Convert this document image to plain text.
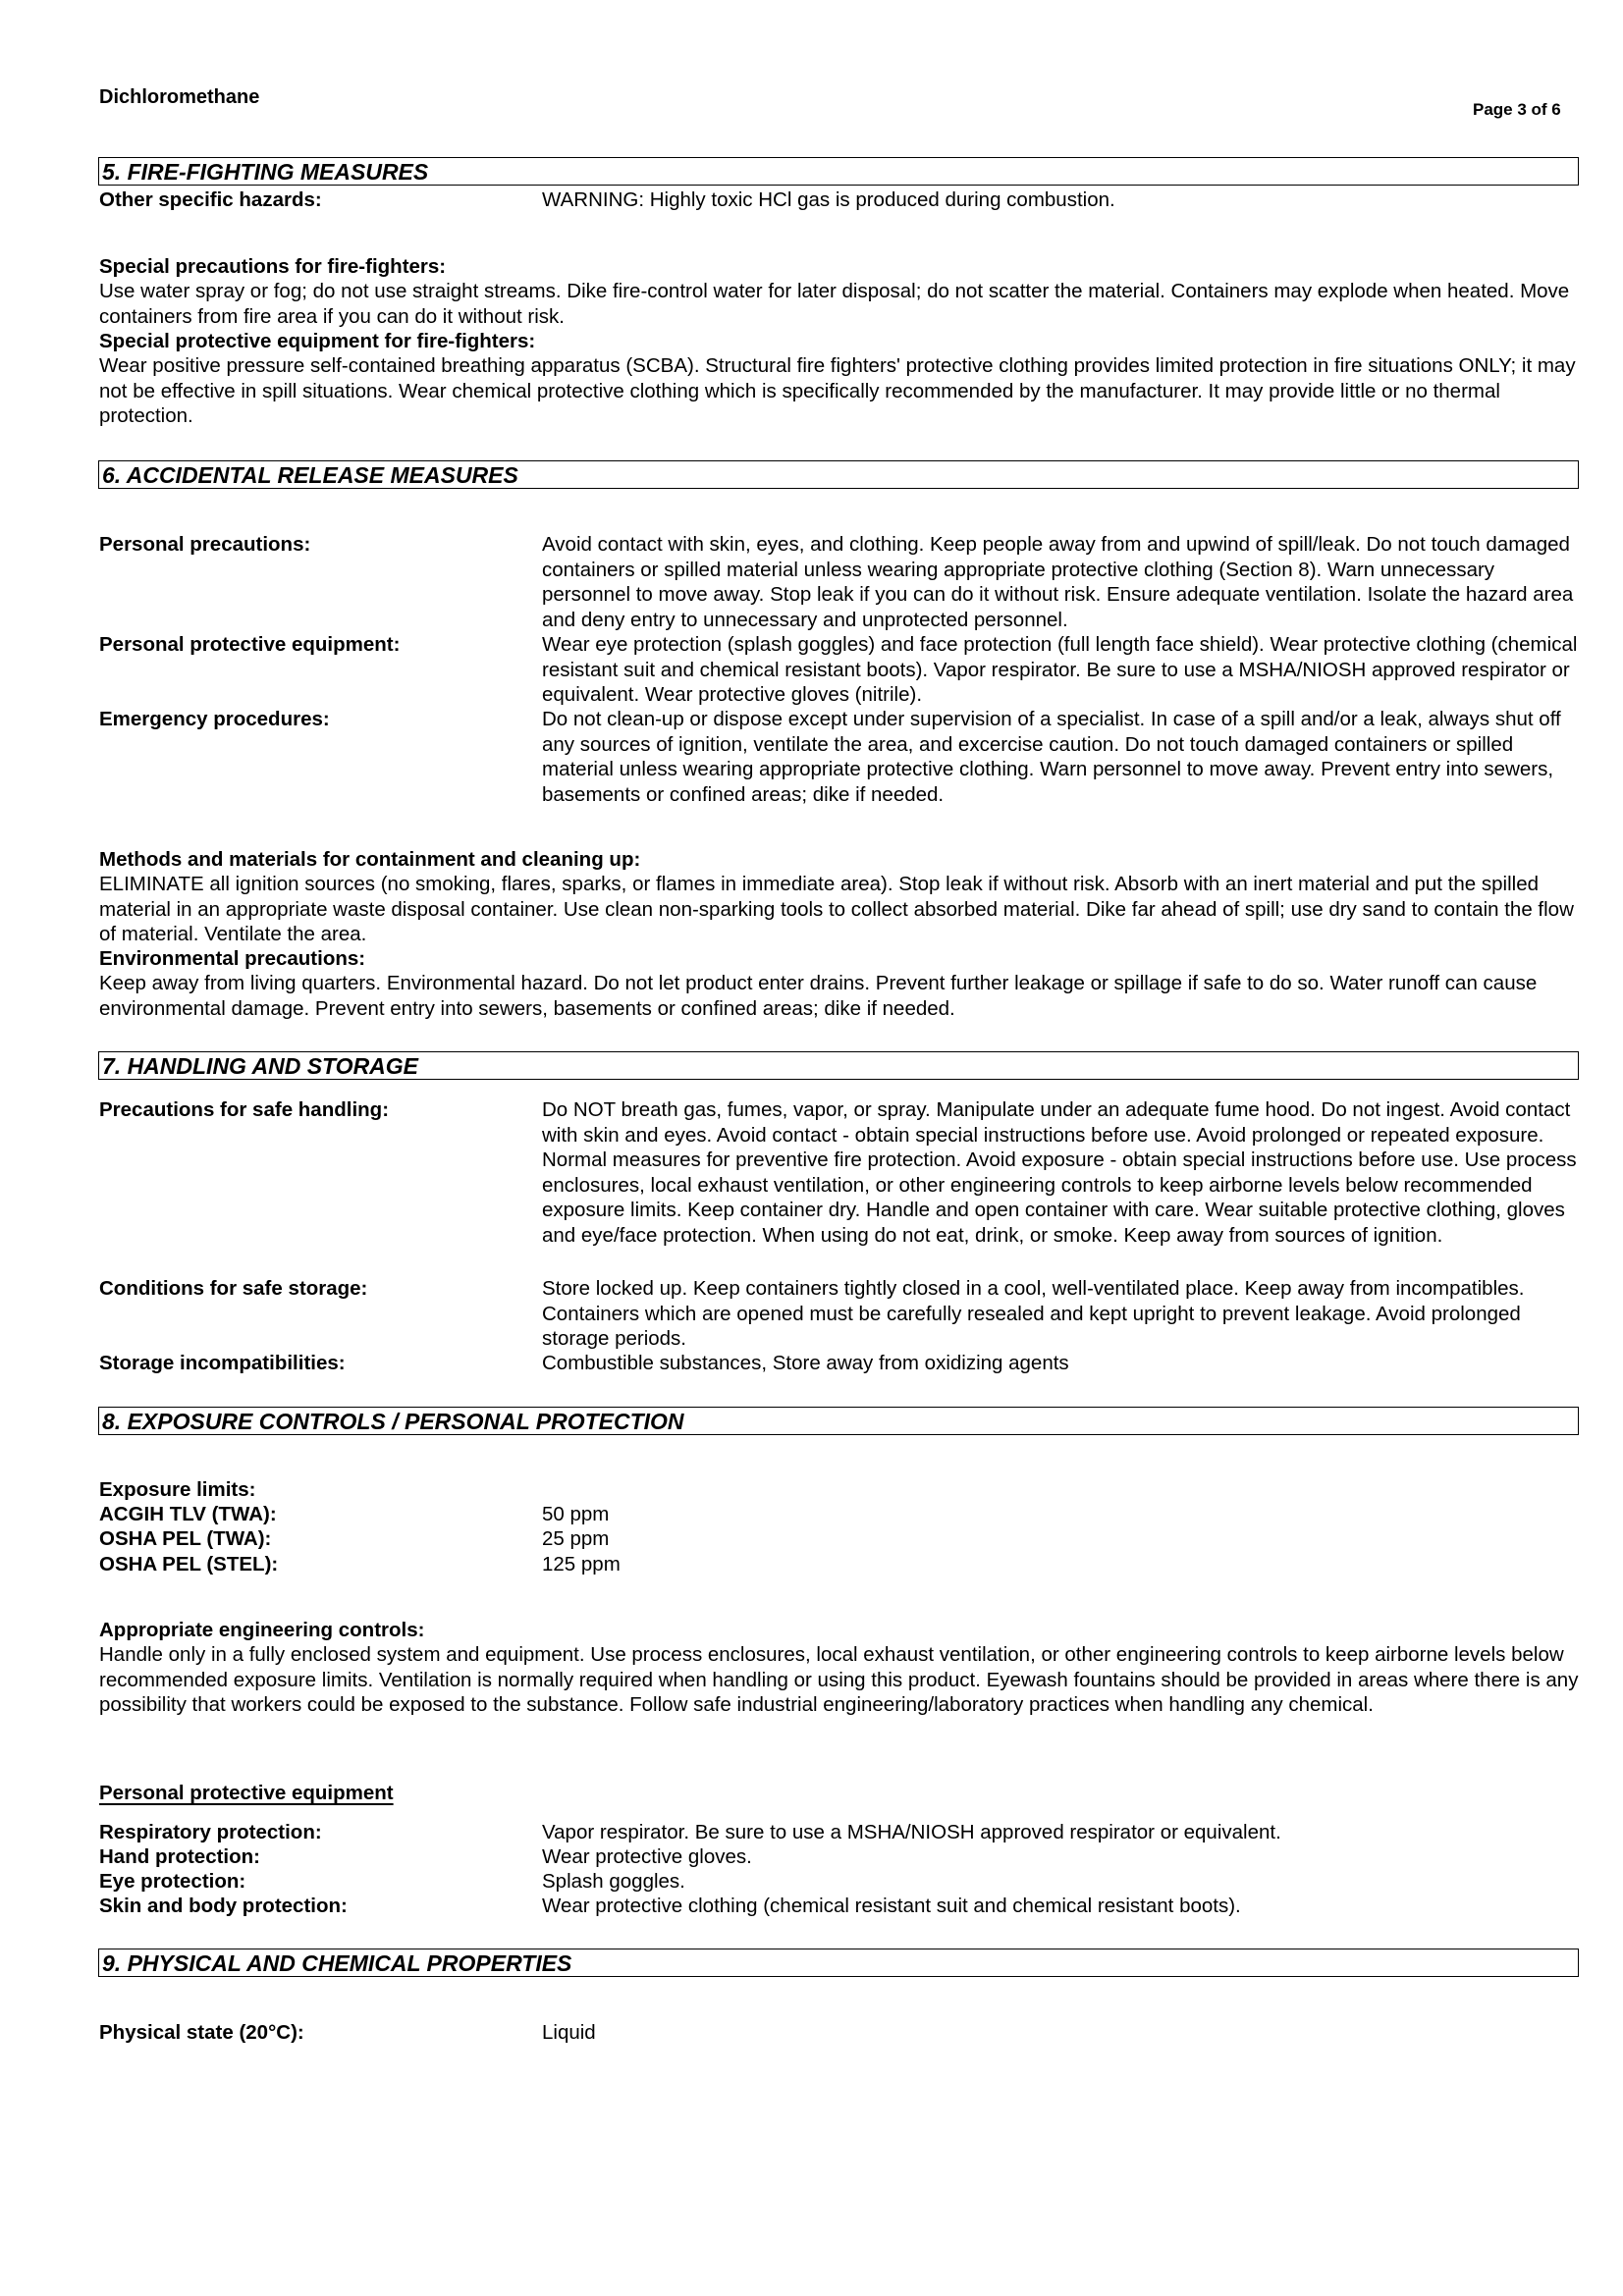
Dichloromethane
Page 3 of 6
5. FIRE-FIGHTING MEASURES
Other specific hazards:	WARNING: Highly toxic HCl gas is produced during combustion.
Special precautions for fire-fighters:
Use water spray or fog; do not use straight streams. Dike fire-control water for later disposal; do not scatter the material. Containers may explode when heated. Move containers from fire area if you can do it without risk.
Special protective equipment for fire-fighters:
Wear positive pressure self-contained breathing apparatus (SCBA). Structural fire fighters' protective clothing provides limited protection in fire situations ONLY; it may not be effective in spill situations. Wear chemical protective clothing which is specifically recommended by the manufacturer. It may provide little or no thermal protection.
6. ACCIDENTAL RELEASE MEASURES
Personal precautions:	Avoid contact with skin, eyes, and clothing. Keep people away from and upwind of spill/leak. Do not touch damaged containers or spilled material unless wearing appropriate protective clothing (Section 8). Warn unnecessary personnel to move away. Stop leak if you can do it without risk. Ensure adequate ventilation. Isolate the hazard area and deny entry to unnecessary and unprotected personnel.
Personal protective equipment:	Wear eye protection (splash goggles) and face protection (full length face shield). Wear protective clothing (chemical resistant suit and chemical resistant boots). Vapor respirator. Be sure to use a MSHA/NIOSH approved respirator or equivalent. Wear protective gloves (nitrile).
Emergency procedures:	Do not clean-up or dispose except under supervision of a specialist. In case of a spill and/or a leak, always shut off any sources of ignition, ventilate the area, and excercise caution. Do not touch damaged containers or spilled material unless wearing appropriate protective clothing. Warn personnel to move away. Prevent entry into sewers, basements or confined areas; dike if needed.
Methods and materials for containment and cleaning up:
ELIMINATE all ignition sources (no smoking, flares, sparks, or flames in immediate area). Stop leak if without risk. Absorb with an inert material and put the spilled material in an appropriate waste disposal container. Use clean non-sparking tools to collect absorbed material. Dike far ahead of spill; use dry sand to contain the flow of material. Ventilate the area.
Environmental precautions:
Keep away from living quarters. Environmental hazard. Do not let product enter drains. Prevent further leakage or spillage if safe to do so. Water runoff can cause environmental damage. Prevent entry into sewers, basements or confined areas; dike if needed.
7. HANDLING AND STORAGE
Precautions for safe handling:	Do NOT breath gas, fumes, vapor, or spray. Manipulate under an adequate fume hood. Do not ingest. Avoid contact with skin and eyes. Avoid contact - obtain special instructions before use. Avoid prolonged or repeated exposure. Normal measures for preventive fire protection. Avoid exposure - obtain special instructions before use. Use process enclosures, local exhaust ventilation, or other engineering controls to keep airborne levels below recommended exposure limits. Keep container dry. Handle and open container with care. Wear suitable protective clothing, gloves and eye/face protection. When using do not eat, drink, or smoke. Keep away from sources of ignition.
Conditions for safe storage:	Store locked up. Keep containers tightly closed in a cool, well-ventilated place. Keep away from incompatibles. Containers which are opened must be carefully resealed and kept upright to prevent leakage. Avoid prolonged storage periods.
Storage incompatibilities:	Combustible substances, Store away from oxidizing agents
8. EXPOSURE CONTROLS / PERSONAL PROTECTION
Exposure limits:
ACGIH TLV (TWA):	50 ppm
OSHA PEL (TWA):	25 ppm
OSHA PEL (STEL):	125 ppm
Appropriate engineering controls:
Handle only in a fully enclosed system and equipment. Use process enclosures, local exhaust ventilation, or other engineering controls to keep airborne levels below recommended exposure limits. Ventilation is normally required when handling or using this product. Eyewash fountains should be provided in areas where there is any possibility that workers could be exposed to the substance. Follow safe industrial engineering/laboratory practices when handling any chemical.
Personal protective equipment
Respiratory protection:	Vapor respirator. Be sure to use a MSHA/NIOSH approved respirator or equivalent.
Hand protection:	Wear protective gloves.
Eye protection:	Splash goggles.
Skin and body protection:	Wear protective clothing (chemical resistant suit and chemical resistant boots).
9. PHYSICAL AND CHEMICAL PROPERTIES
Physical state (20°C):	Liquid
